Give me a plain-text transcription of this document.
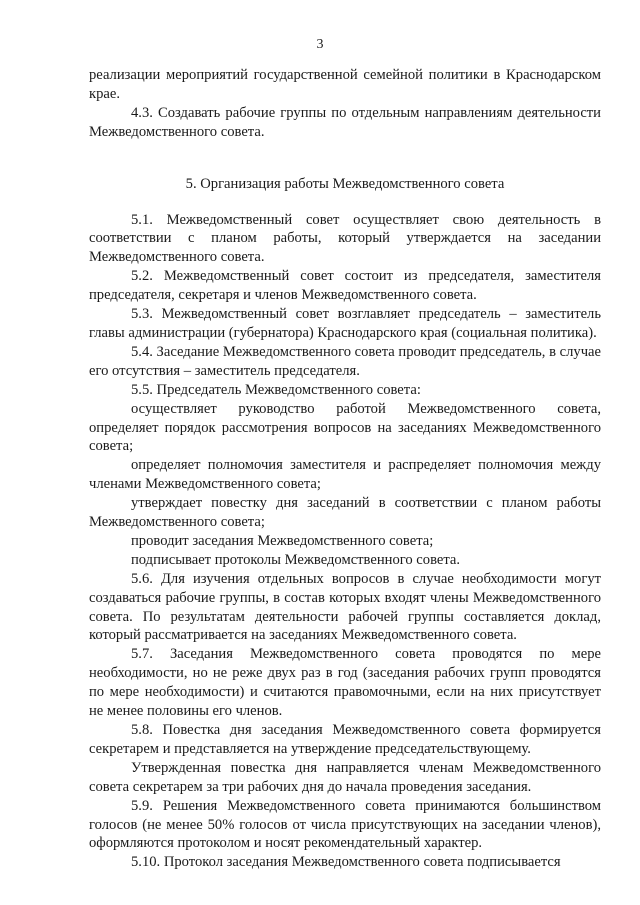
3

реализации мероприятий государственной семейной политики в Краснодарском крае.

4.3. Создавать рабочие группы по отдельным направлениям деятельности Межведомственного совета.

5. Организация работы Межведомственного совета

5.1. Межведомственный совет осуществляет свою деятельность в соответствии с планом работы, который утверждается на заседании Межведомственного совета.

5.2. Межведомственный совет состоит из председателя, заместителя председателя, секретаря и членов Межведомственного совета.

5.3. Межведомственный совет возглавляет председатель – заместитель главы администрации (губернатора) Краснодарского края (социальная политика).

5.4. Заседание Межведомственного совета проводит председатель, в случае его отсутствия – заместитель председателя.

5.5. Председатель Межведомственного совета:

осуществляет руководство работой Межведомственного совета, определяет порядок рассмотрения вопросов на заседаниях Межведомственного совета;

определяет полномочия заместителя и распределяет полномочия между членами Межведомственного совета;

утверждает повестку дня заседаний в соответствии с планом работы Межведомственного совета;

проводит заседания Межведомственного совета;

подписывает протоколы Межведомственного совета.

5.6. Для изучения отдельных вопросов в случае необходимости могут создаваться рабочие группы, в состав которых входят члены Межведомственного совета. По результатам деятельности рабочей группы составляется доклад, который рассматривается на заседаниях Межведомственного совета.

5.7. Заседания Межведомственного совета проводятся по мере необходимости, но не реже двух раз в год (заседания рабочих групп проводятся по мере необходимости) и считаются правомочными, если на них присутствует не менее половины его членов.

5.8. Повестка дня заседания Межведомственного совета формируется секретарем и представляется на утверждение председательствующему.

Утвержденная повестка дня направляется членам Межведомственного совета секретарем за три рабочих дня до начала проведения заседания.

5.9. Решения Межведомственного совета принимаются большинством голосов (не менее 50% голосов от числа присутствующих на заседании членов), оформляются протоколом и носят рекомендательный характер.

5.10. Протокол заседания Межведомственного совета подписывается
